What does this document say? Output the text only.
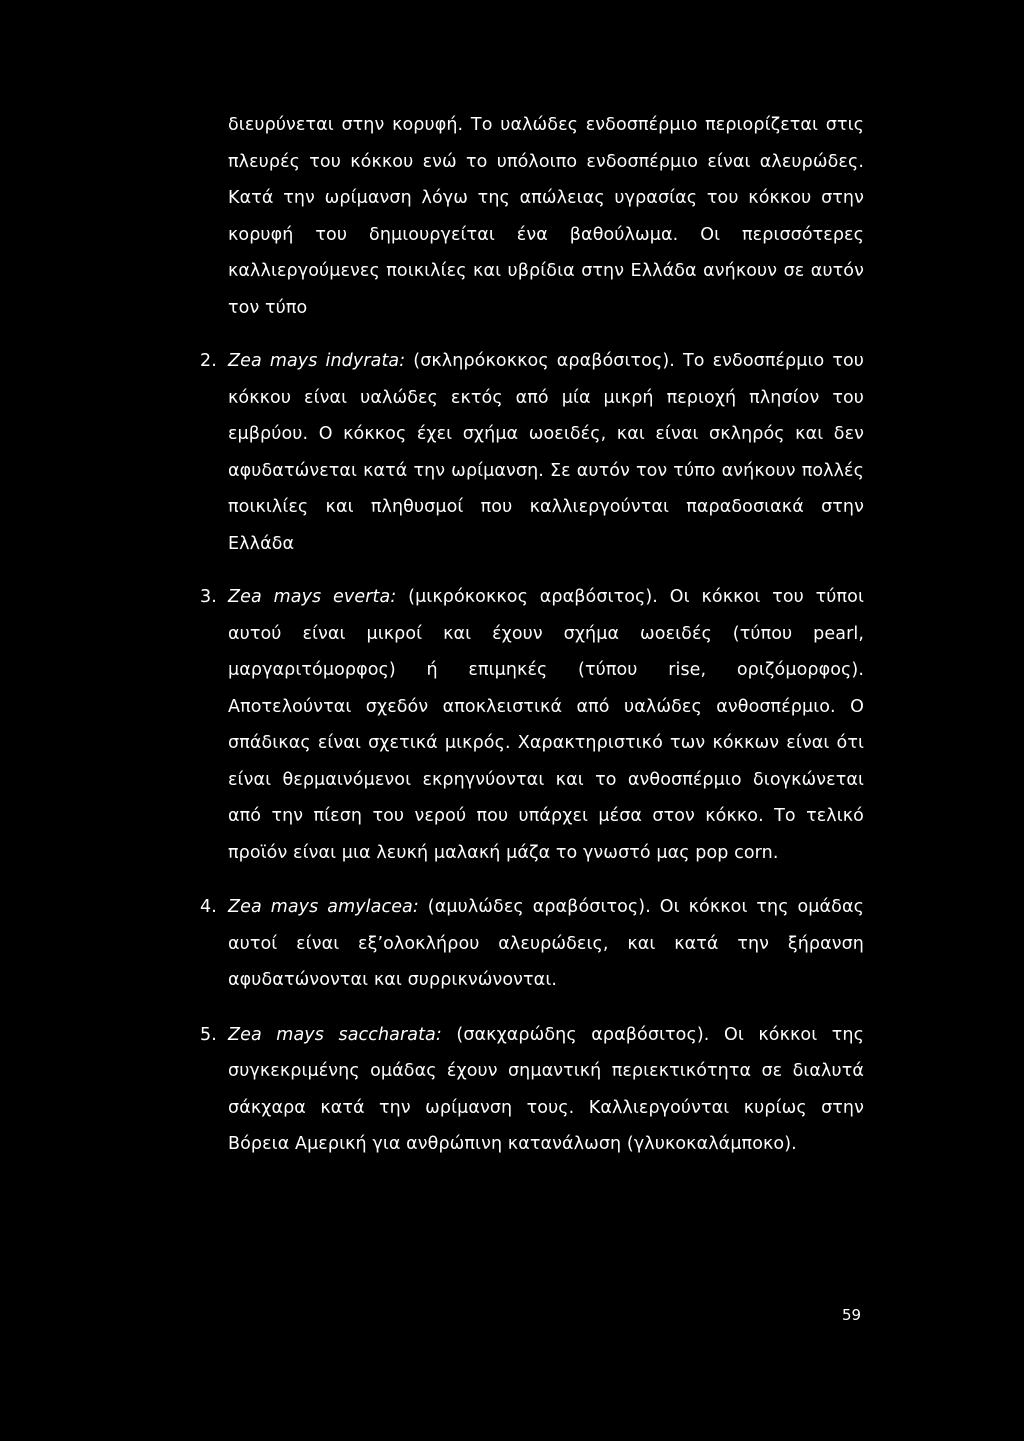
διευρύνεται στην κορυφή. Το υαλώδες ενδοσπέρμιο περιορίζεται στις πλευρές του κόκκου ενώ το υπόλοιπο ενδοσπέρμιο είναι αλευρώδες. Κατά την ωρίμανση λόγω της απώλειας υγρασίας του κόκκου στην κορυφή του δημιουργείται ένα βαθούλωμα. Οι περισσότερες καλλιεργούμενες ποικιλίες και υβρίδια στην Ελλάδα ανήκουν σε αυτόν τον τύπο

2. Zea mays indyrata: (σκληρόκοκκος αραβόσιτος). Το ενδοσπέρμιο του κόκκου είναι υαλώδες εκτός από μία μικρή περιοχή πλησίον του εμβρύου. Ο κόκκος έχει σχήμα ωοειδές, και είναι σκληρός και δεν αφυδατώνεται κατά την ωρίμανση. Σε αυτόν τον τύπο ανήκουν πολλές ποικιλίες και πληθυσμοί που καλλιεργούνται παραδοσιακά στην Ελλάδα

3. Zea mays everta: (μικρόκοκκος αραβόσιτος). Οι κόκκοι του τύποι αυτού είναι μικροί και έχουν σχήμα ωοειδές (τύπου pearl, μαργαριτόμορφος) ή επιμηκές (τύπου rise, οριζόμορφος). Αποτελούνται σχεδόν αποκλειστικά από υαλώδες ανθοσπέρμιο. Ο σπάδικας είναι σχετικά μικρός. Χαρακτηριστικό των κόκκων είναι ότι είναι θερμαινόμενοι εκρηγνύονται και το ανθοσπέρμιο διογκώνεται από την πίεση του νερού που υπάρχει μέσα στον κόκκο. Το τελικό προϊόν είναι μια λευκή μαλακή μάζα το γνωστό μας pop corn.

4. Zea mays amylacea: (αμυλώδες αραβόσιτος). Οι κόκκοι της ομάδας αυτοί είναι εξ’ολοκλήρου αλευρώδεις, και κατά την ξήρανση αφυδατώνονται και συρρικνώνονται.

5. Zea mays saccharata: (σακχαρώδης αραβόσιτος). Οι κόκκοι της συγκεκριμένης ομάδας έχουν σημαντική περιεκτικότητα σε διαλυτά σάκχαρα κατά την ωρίμανση τους. Καλλιεργούνται κυρίως στην Βόρεια Αμερική για ανθρώπινη κατανάλωση (γλυκοκαλάμποκο).

59
